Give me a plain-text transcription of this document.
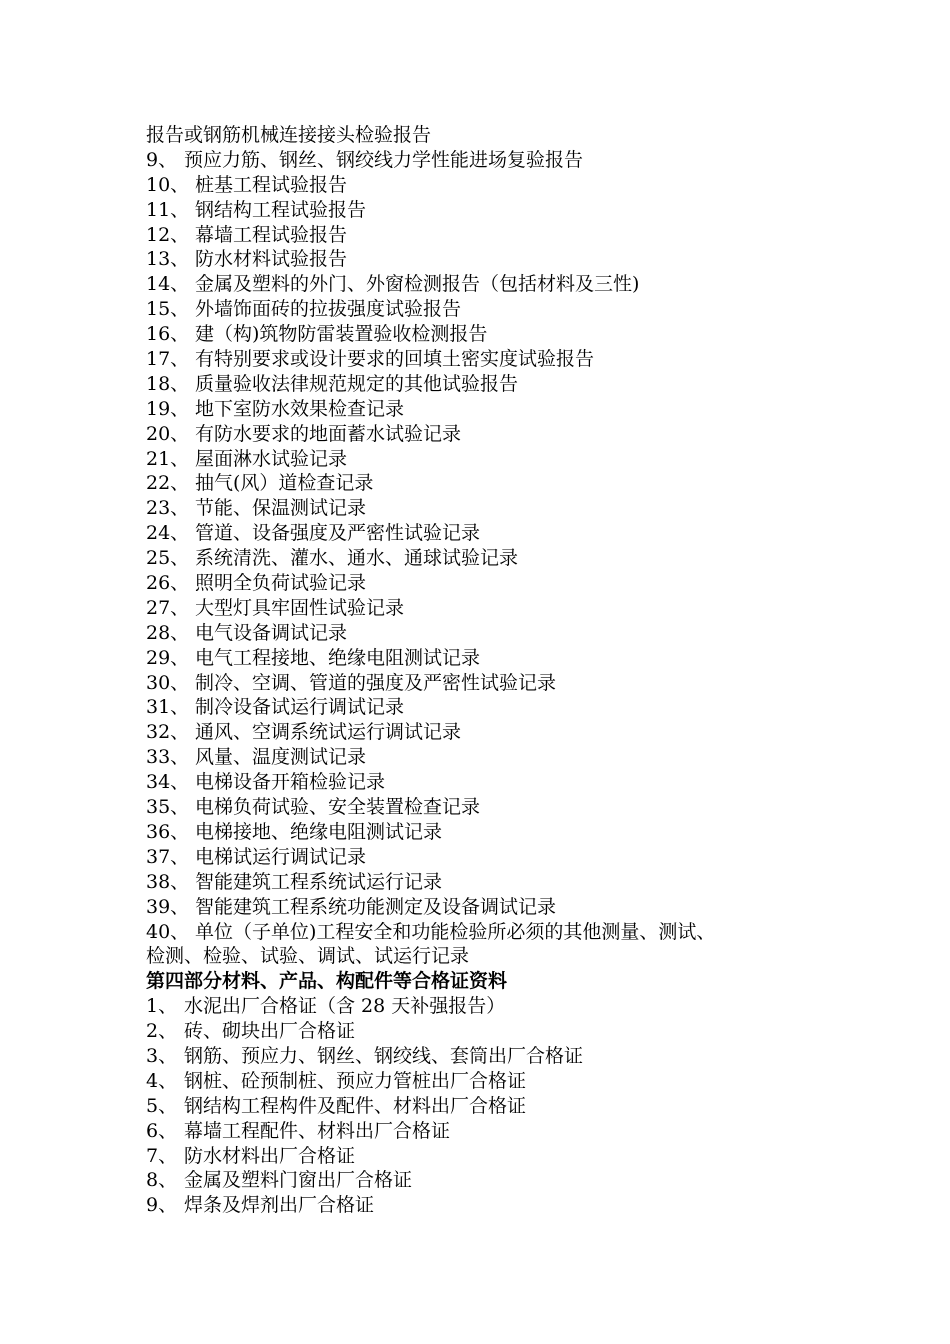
报告或钢筋机械连接接头检验报告
9、 预应力筋、钢丝、钢绞线力学性能进场复验报告
10、 桩基工程试验报告
11、 钢结构工程试验报告
12、 幕墙工程试验报告
13、 防水材料试验报告
14、 金属及塑料的外门、外窗检测报告（包括材料及三性)
15、 外墙饰面砖的拉拔强度试验报告
16、 建（构)筑物防雷装置验收检测报告
17、 有特别要求或设计要求的回填土密实度试验报告
18、 质量验收法律规范规定的其他试验报告
19、 地下室防水效果检查记录
20、 有防水要求的地面蓄水试验记录
21、 屋面淋水试验记录
22、 抽气(风）道检查记录
23、 节能、保温测试记录
24、 管道、设备强度及严密性试验记录
25、 系统清洗、灌水、通水、通球试验记录
26、 照明全负荷试验记录
27、 大型灯具牢固性试验记录
28、 电气设备调试记录
29、 电气工程接地、绝缘电阻测试记录
30、 制冷、空调、管道的强度及严密性试验记录
31、 制冷设备试运行调试记录
32、 通风、空调系统试运行调试记录
33、 风量、温度测试记录
34、 电梯设备开箱检验记录
35、 电梯负荷试验、安全装置检查记录
36、 电梯接地、绝缘电阻测试记录
37、 电梯试运行调试记录
38、 智能建筑工程系统试运行记录
39、 智能建筑工程系统功能测定及设备调试记录
40、 单位（子单位)工程安全和功能检验所必须的其他测量、测试、
检测、检验、试验、调试、试运行记录
第四部分材料、产品、构配件等合格证资料
1、 水泥出厂合格证（含 28 天补强报告）
2、 砖、砌块出厂合格证
3、 钢筋、预应力、钢丝、钢绞线、套筒出厂合格证
4、 钢桩、砼预制桩、预应力管桩出厂合格证
5、 钢结构工程构件及配件、材料出厂合格证
6、 幕墙工程配件、材料出厂合格证
7、 防水材料出厂合格证
8、 金属及塑料门窗出厂合格证
9、 焊条及焊剂出厂合格证
